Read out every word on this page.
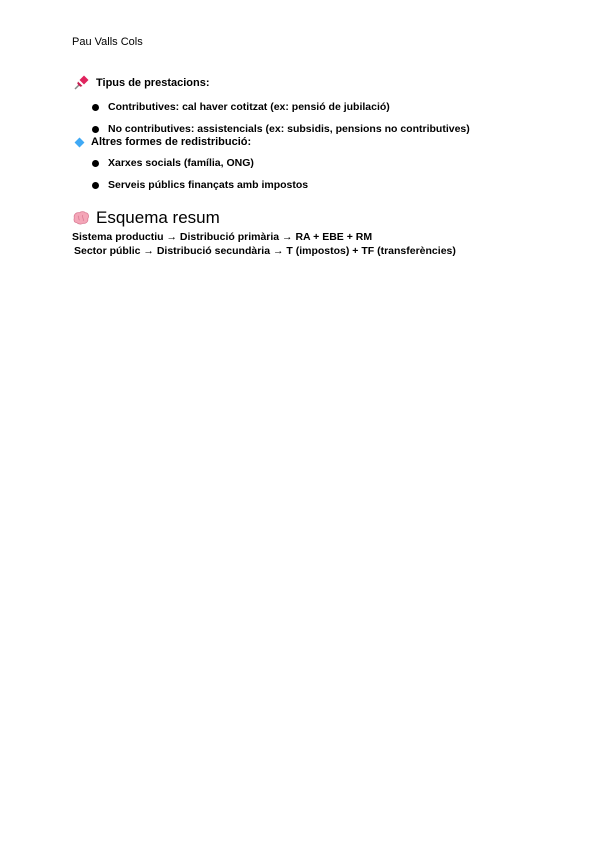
Pau Valls Cols
Tipus de prestacions:
Contributives: cal haver cotitzat (ex: pensió de jubilació)
No contributives: assistencials (ex: subsidis, pensions no contributives)
Altres formes de redistribució:
Xarxes socials (família, ONG)
Serveis públics finançats amb impostos
Esquema resum
Sistema productiu → Distribució primària → RA + EBE + RM
Sector públic → Distribució secundària → T (impostos) + TF (transferències)
